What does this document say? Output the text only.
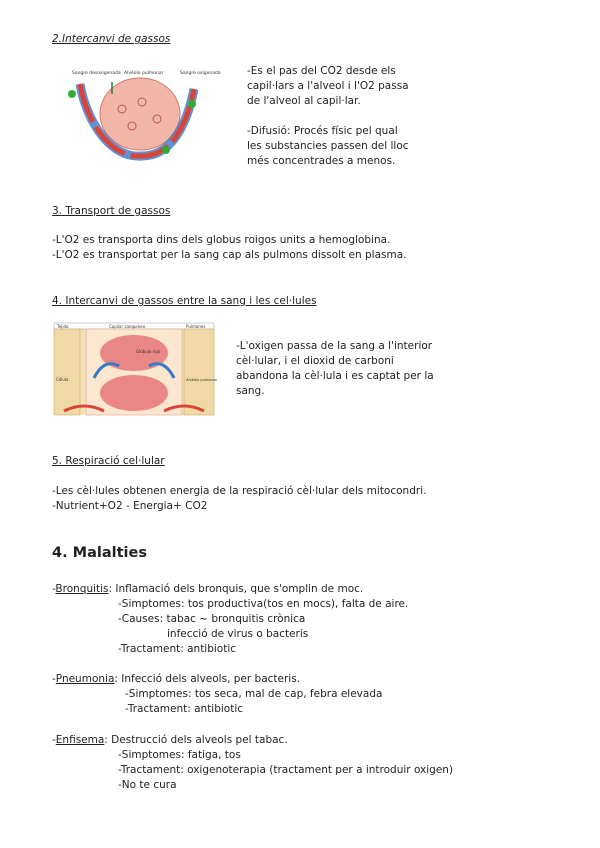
2.Intercanvi de gassos
Sangre desoxigenada Alvéolo pulmonar	Sangre oxigenada	-Es el pas del CO2 desde els
capil·lars a l'alveol i l'O2 passa
de l'alveol al capil·lar.
-Difusió: Procés físic pel qual
les substancies passen del lloc
més concentrades a menos.
3. Transport de gassos
-L'O2 es transporta dins dels globus roigos units a hemoglobina.
-L'O2 es transportat per la sang cap als pulmons dissolt en plasma.
4. Intercanvi de gassos entre la sang i les cel·lules
Tejido	Capilar sanguíneo	Pulmones
Glóbulo rojo
Célula	Alvéolo pulmonar
-L'oxigen passa de la sang a l'interior
cèl·lular, i el dioxid de carboni
abandona la cèl·lula i es captat per la
sang.
5. Respiració cel·lular
-Les cèl·lules obtenen energia de la respiració cèl·lular dels mitocondri.
-Nutrient+O2 - Energia+ CO2
4. Malalties
-Bronquitis: Inflamació dels bronquis, que s'omplin de moc.
-Simptomes: tos productiva(tos en mocs), falta de aire.
-Causes: tabac ~ bronquitis crònica
infecció de virus o bacteris
-Tractament: antibiotic
-Pneumonia: Infecció dels alveols, per bacteris.
-Simptomes: tos seca, mal de cap, febra elevada
-Tractament: antibiotic
-Enfisema: Destrucció dels alveols pel tabac.
-Simptomes: fatiga, tos
-Tractament: oxigenoterapia (tractament per a introduir oxigen)
-No te cura
